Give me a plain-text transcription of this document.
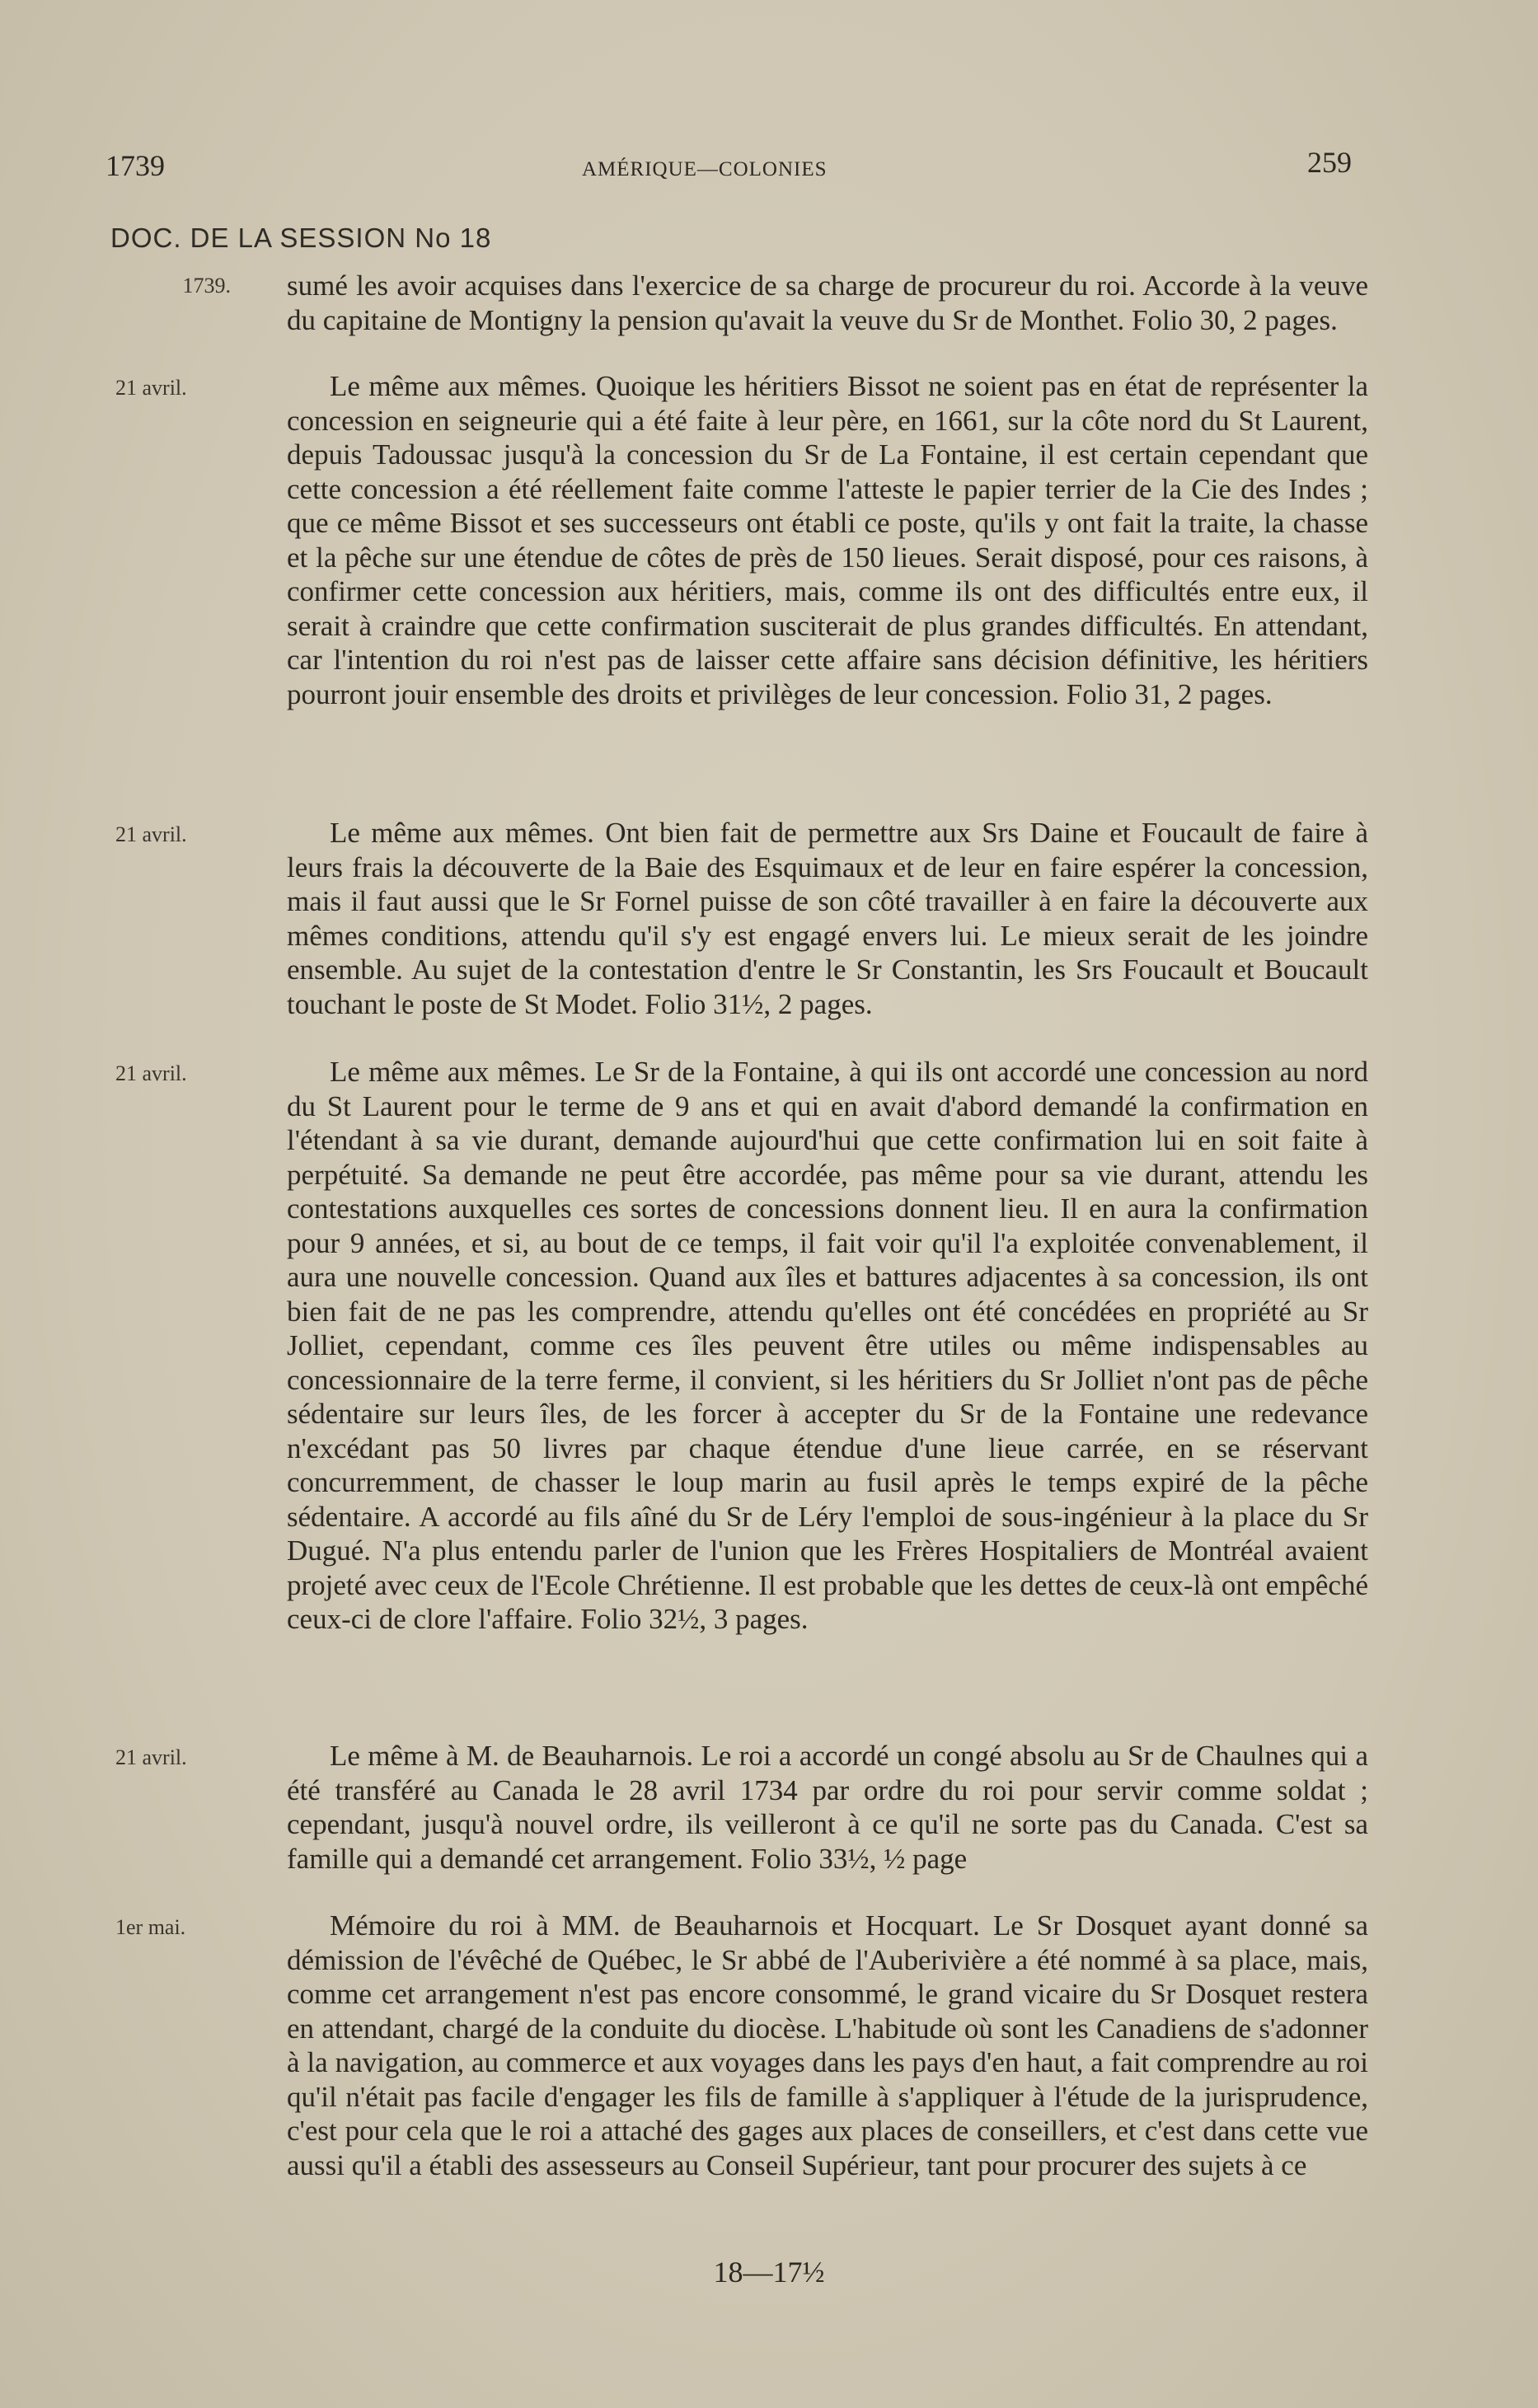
1739	AMÉRIQUE—COLONIES	259
DOC. DE LA SESSION No 18
1739. sumé les avoir acquises dans l'exercice de sa charge de procureur du roi. Accorde à la veuve du capitaine de Montigny la pension qu'avait la veuve du Sr de Monthet. Folio 30, 2 pages.
21 avril.	Le même aux mêmes. Quoique les héritiers Bissot ne soient pas en état de représenter la concession en seigneurie qui a été faite à leur père, en 1661, sur la côte nord du St Laurent, depuis Tadoussac jusqu'à la concession du Sr de La Fontaine, il est certain cependant que cette concession a été réellement faite comme l'atteste le papier terrier de la Cie des Indes ; que ce même Bissot et ses successeurs ont établi ce poste, qu'ils y ont fait la traite, la chasse et la pêche sur une étendue de côtes de près de 150 lieues. Serait disposé, pour ces raisons, à confirmer cette concession aux héritiers, mais, comme ils ont des difficultés entre eux, il serait à craindre que cette confirmation susciterait de plus grandes difficultés. En attendant, car l'intention du roi n'est pas de laisser cette affaire sans décision définitive, les héritiers pourront jouir ensemble des droits et privilèges de leur concession. Folio 31, 2 pages.
21 avril.	Le même aux mêmes. Ont bien fait de permettre aux Srs Daine et Foucault de faire à leurs frais la découverte de la Baie des Esquimaux et de leur en faire espérer la concession, mais il faut aussi que le Sr Fornel puisse de son côté travailler à en faire la découverte aux mêmes conditions, attendu qu'il s'y est engagé envers lui. Le mieux serait de les joindre ensemble. Au sujet de la contestation d'entre le Sr Constantin, les Srs Foucault et Boucault touchant le poste de St Modet. Folio 31½, 2 pages.
21 avril.	Le même aux mêmes. Le Sr de la Fontaine, à qui ils ont accordé une concession au nord du St Laurent pour le terme de 9 ans et qui en avait d'abord demandé la confirmation en l'étendant à sa vie durant, demande aujourd'hui que cette confirmation lui en soit faite à perpétuité. Sa demande ne peut être accordée, pas même pour sa vie durant, attendu les contestations auxquelles ces sortes de concessions donnent lieu. Il en aura la confirmation pour 9 années, et si, au bout de ce temps, il fait voir qu'il l'a exploitée convenablement, il aura une nouvelle concession. Quand aux îles et battures adjacentes à sa concession, ils ont bien fait de ne pas les comprendre, attendu qu'elles ont été concédées en propriété au Sr Jolliet, cependant, comme ces îles peuvent être utiles ou même indispensables au concessionnaire de la terre ferme, il convient, si les héritiers du Sr Jolliet n'ont pas de pêche sédentaire sur leurs îles, de les forcer à accepter du Sr de la Fontaine une redevance n'excédant pas 50 livres par chaque étendue d'une lieue carrée, en se réservant concurremment, de chasser le loup marin au fusil après le temps expiré de la pêche sédentaire. A accordé au fils aîné du Sr de Léry l'emploi de sous-ingénieur à la place du Sr Dugué. N'a plus entendu parler de l'union que les Frères Hospitaliers de Montréal avaient projeté avec ceux de l'Ecole Chrétienne. Il est probable que les dettes de ceux-là ont empêché ceux-ci de clore l'affaire. Folio 32½, 3 pages.
21 avril.	Le même à M. de Beauharnois. Le roi a accordé un congé absolu au Sr de Chaulnes qui a été transféré au Canada le 28 avril 1734 par ordre du roi pour servir comme soldat ; cependant, jusqu'à nouvel ordre, ils veilleront à ce qu'il ne sorte pas du Canada. C'est sa famille qui a demandé cet arrangement. Folio 33½, ½ page
1er mai.	Mémoire du roi à MM. de Beauharnois et Hocquart. Le Sr Dosquet ayant donné sa démission de l'évêché de Québec, le Sr abbé de l'Auberivière a été nommé à sa place, mais, comme cet arrangement n'est pas encore consommé, le grand vicaire du Sr Dosquet restera en attendant, chargé de la conduite du diocèse. L'habitude où sont les Canadiens de s'adonner à la navigation, au commerce et aux voyages dans les pays d'en haut, a fait comprendre au roi qu'il n'était pas facile d'engager les fils de famille à s'appliquer à l'étude de la jurisprudence, c'est pour cela que le roi a attaché des gages aux places de conseillers, et c'est dans cette vue aussi qu'il a établi des assesseurs au Conseil Supérieur, tant pour procurer des sujets à ce
18—17½
